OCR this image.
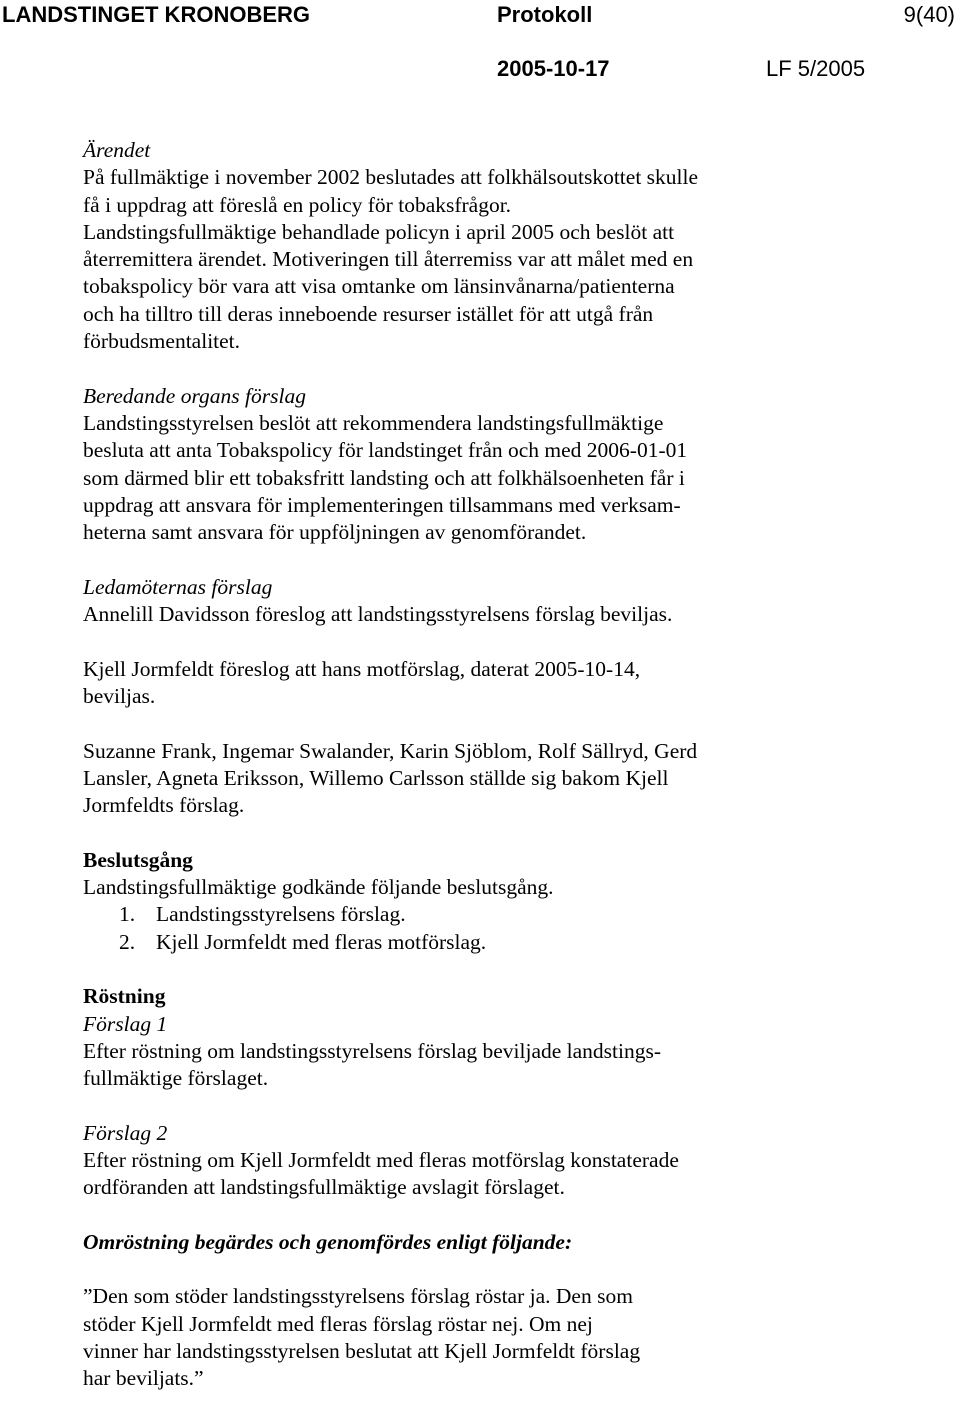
LANDSTINGET KRONOBERG	Protokoll	9(40)
2005-10-17	LF 5/2005

Ärendet

På fullmäktige i november 2002 beslutades att folkhälsoutskottet skulle

få i uppdrag att föreslå en policy för tobaksfrågor.

Landstingsfullmäktige behandlade policyn i april 2005 och beslöt att

återremittera ärendet. Motiveringen till återremiss var att målet med en

tobakspolicy bör vara att visa omtanke om länsinvånarna/patienterna

och ha tilltro till deras inneboende resurser istället för att utgå från

förbudsmentalitet.

Beredande organs förslag

Landstingsstyrelsen beslöt att rekommendera landstingsfullmäktige

besluta att anta Tobakspolicy för landstinget från och med 2006-01-01

som därmed blir ett tobaksfritt landsting och att folkhälsoenheten får i

uppdrag att ansvara för implementeringen tillsammans med verksam-

heterna samt ansvara för uppföljningen av genomförandet.

Ledamöternas förslag

Annelill Davidsson föreslog att landstingsstyrelsens förslag beviljas.

Kjell Jormfeldt föreslog att hans motförslag, daterat 2005-10-14,

beviljas.

Suzanne Frank, Ingemar Swalander, Karin Sjöblom, Rolf Sällryd, Gerd

Lansler, Agneta Eriksson, Willemo Carlsson ställde sig bakom Kjell

Jormfeldts förslag.

Beslutsgång

Landstingsfullmäktige godkände följande beslutsgång.

1. Landstingsstyrelsens förslag.
2. Kjell Jormfeldt med fleras motförslag.

Röstning

Förslag 1

Efter röstning om landstingsstyrelsens förslag beviljade landstings-

fullmäktige förslaget.

Förslag 2

Efter röstning om Kjell Jormfeldt med fleras motförslag konstaterade

ordföranden att landstingsfullmäktige avslagit förslaget.

Omröstning begärdes och genomfördes enligt följande:

”Den som stöder landstingsstyrelsens förslag röstar ja. Den som

stöder Kjell Jormfeldt med fleras förslag röstar nej. Om nej

vinner har landstingsstyrelsen beslutat att Kjell Jormfeldt förslag

har beviljats.”
